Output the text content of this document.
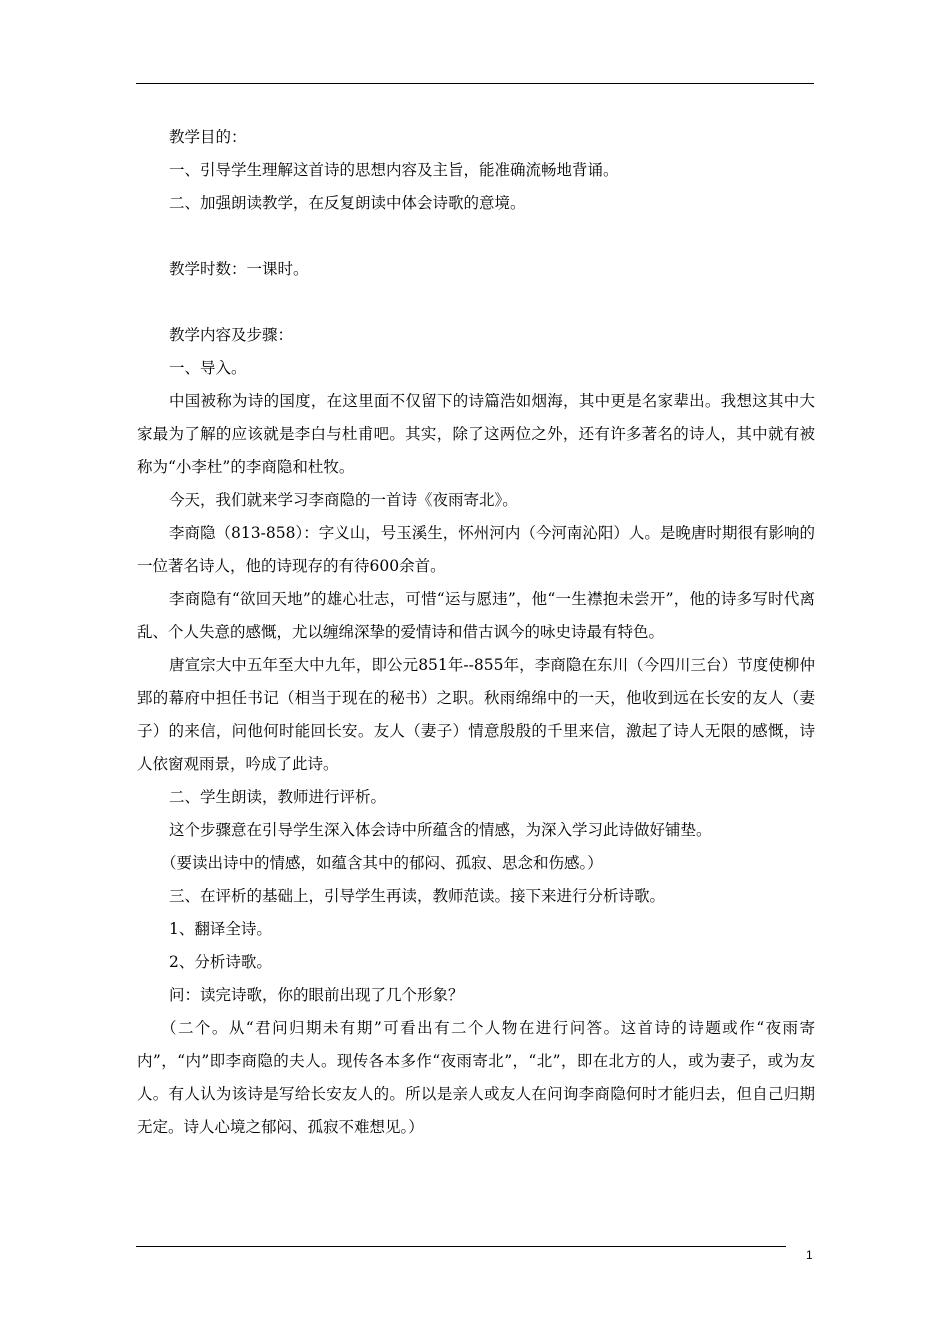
教学目的：

一、引导学生理解这首诗的思想内容及主旨，能准确流畅地背诵。

二、加强朗读教学，在反复朗读中体会诗歌的意境。

教学时数：一课时。

教学内容及步骤：

一、导入。

中国被称为诗的国度，在这里面不仅留下的诗篇浩如烟海，其中更是名家辈出。我想这其中大家最为了解的应该就是李白与杜甫吧。其实，除了这两位之外，还有许多著名的诗人，其中就有被称为“小李杜”的李商隐和杜牧。

今天，我们就来学习李商隐的一首诗《夜雨寄北》。

李商隐（813-858）：字义山，号玉溪生，怀州河内（今河南沁阳）人。是晚唐时期很有影响的一位著名诗人，他的诗现存的有待600余首。

李商隐有“欲回天地”的雄心壮志，可惜“运与愿违”，他“一生襟抱未尝开”，他的诗多写时代离乱、个人失意的感慨，尤以缠绵深挚的爱情诗和借古讽今的咏史诗最有特色。

唐宣宗大中五年至大中九年，即公元851年--855年，李商隐在东川（今四川三台）节度使柳仲郢的幕府中担任书记（相当于现在的秘书）之职。秋雨绵绵中的一天，他收到远在长安的友人（妻子）的来信，问他何时能回长安。友人（妻子）情意殷殷的千里来信，激起了诗人无限的感慨，诗人依窗观雨景，吟成了此诗。

二、学生朗读，教师进行评析。

这个步骤意在引导学生深入体会诗中所蕴含的情感，为深入学习此诗做好铺垫。

（要读出诗中的情感，如蕴含其中的郁闷、孤寂、思念和伤感。）

三、在评析的基础上，引导学生再读，教师范读。接下来进行分析诗歌。

1、翻译全诗。

2、分析诗歌。

问：读完诗歌，你的眼前出现了几个形象？

（二个。从“君问归期未有期”可看出有二个人物在进行问答。这首诗的诗题或作“夜雨寄内”，“内”即李商隐的夫人。现传各本多作“夜雨寄北”，“北”，即在北方的人，或为妻子，或为友人。有人认为该诗是写给长安友人的。所以是亲人或友人在问询李商隐何时才能归去，但自己归期无定。诗人心境之郁闷、孤寂不难想见。）

1
